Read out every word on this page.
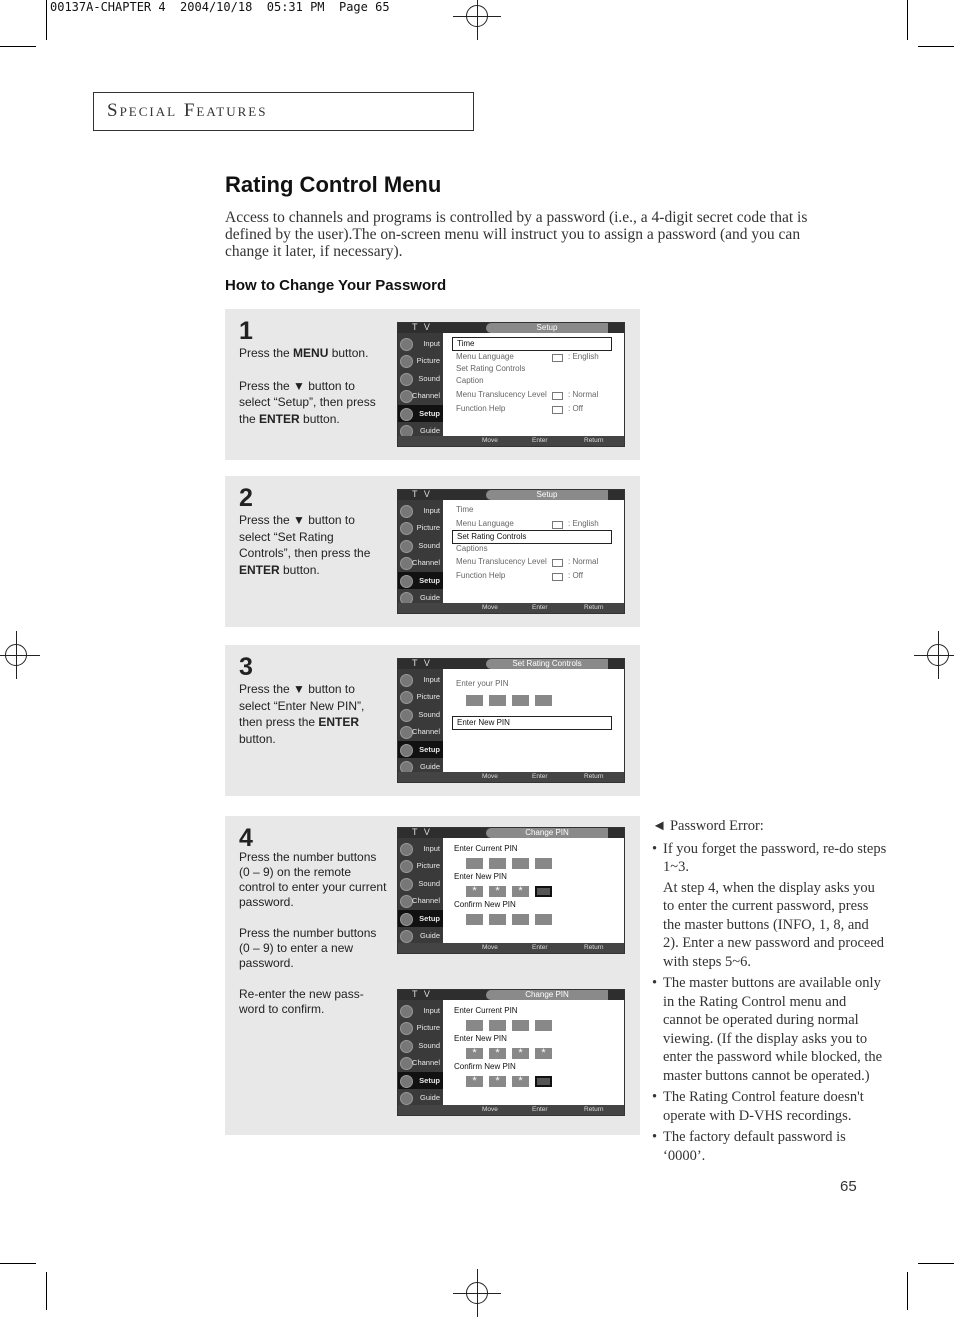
00137A-CHAPTER 4  2004/10/18  05:31 PM  Page 65
Special Features
Rating Control Menu
Access to channels and programs is controlled by a password (i.e., a 4-digit secret code that is defined by the user).The on-screen menu will instruct you to assign a password (and you can change it later, if necessary).
How to Change Your Password
1

Press the MENU button.

Press the ▼ button to select “Setup”, then press the ENTER button.

T V	Setup
Input
Picture
Sound
Channel
Setup
Guide
Time
Menu Language	: English
Set Rating Controls
Caption
Menu Translucency Level	: Normal
Function Help	: Off
Move	Enter	Return
2

Press the ▼ button to select “Set Rating Controls”, then press the ENTER button.

T V	Setup
Input
Picture
Sound
Channel
Setup
Guide
Time
Menu Language	: English
Set Rating Controls
Captions
Menu Translucency Level	: Normal
Function Help	: Off
Move	Enter	Return
3

Press the ▼ button to select “Enter New PIN”, then press the ENTER button.

T V	Set Rating Controls
Input
Picture
Sound
Channel
Setup
Guide
Enter your PIN
Enter New PIN
Move	Enter	Return
4

Press the number buttons (0 – 9) on the remote control to enter your current password.

Press the number buttons (0 – 9) to enter a new password.

Re-enter the new pass-word to confirm.

T V	Change PIN
Input
Picture
Sound
Channel
Setup
Guide
Enter Current PIN
Enter New PIN
* * *
Confirm New PIN
Move	Enter	Return
T V	Change PIN
Input
Picture
Sound
Channel
Setup
Guide
Enter Current PIN
Enter New PIN
* * * *
Confirm New PIN
* * *
Move	Enter	Return

◄ Password Error:

• If you forget the password, re-do steps 1~3.

At step 4, when the display asks you to enter the current password, press the master buttons (INFO, 1, 8, and 2). Enter a new password and proceed with steps 5~6.

• The master buttons are available only in the Rating Control menu and cannot be operated during normal viewing. (If the display asks you to enter the password while blocked, the master buttons cannot be operated.)
• The Rating Control feature doesn't operate with D-VHS recordings.
• The factory default password is ‘0000’.
65
